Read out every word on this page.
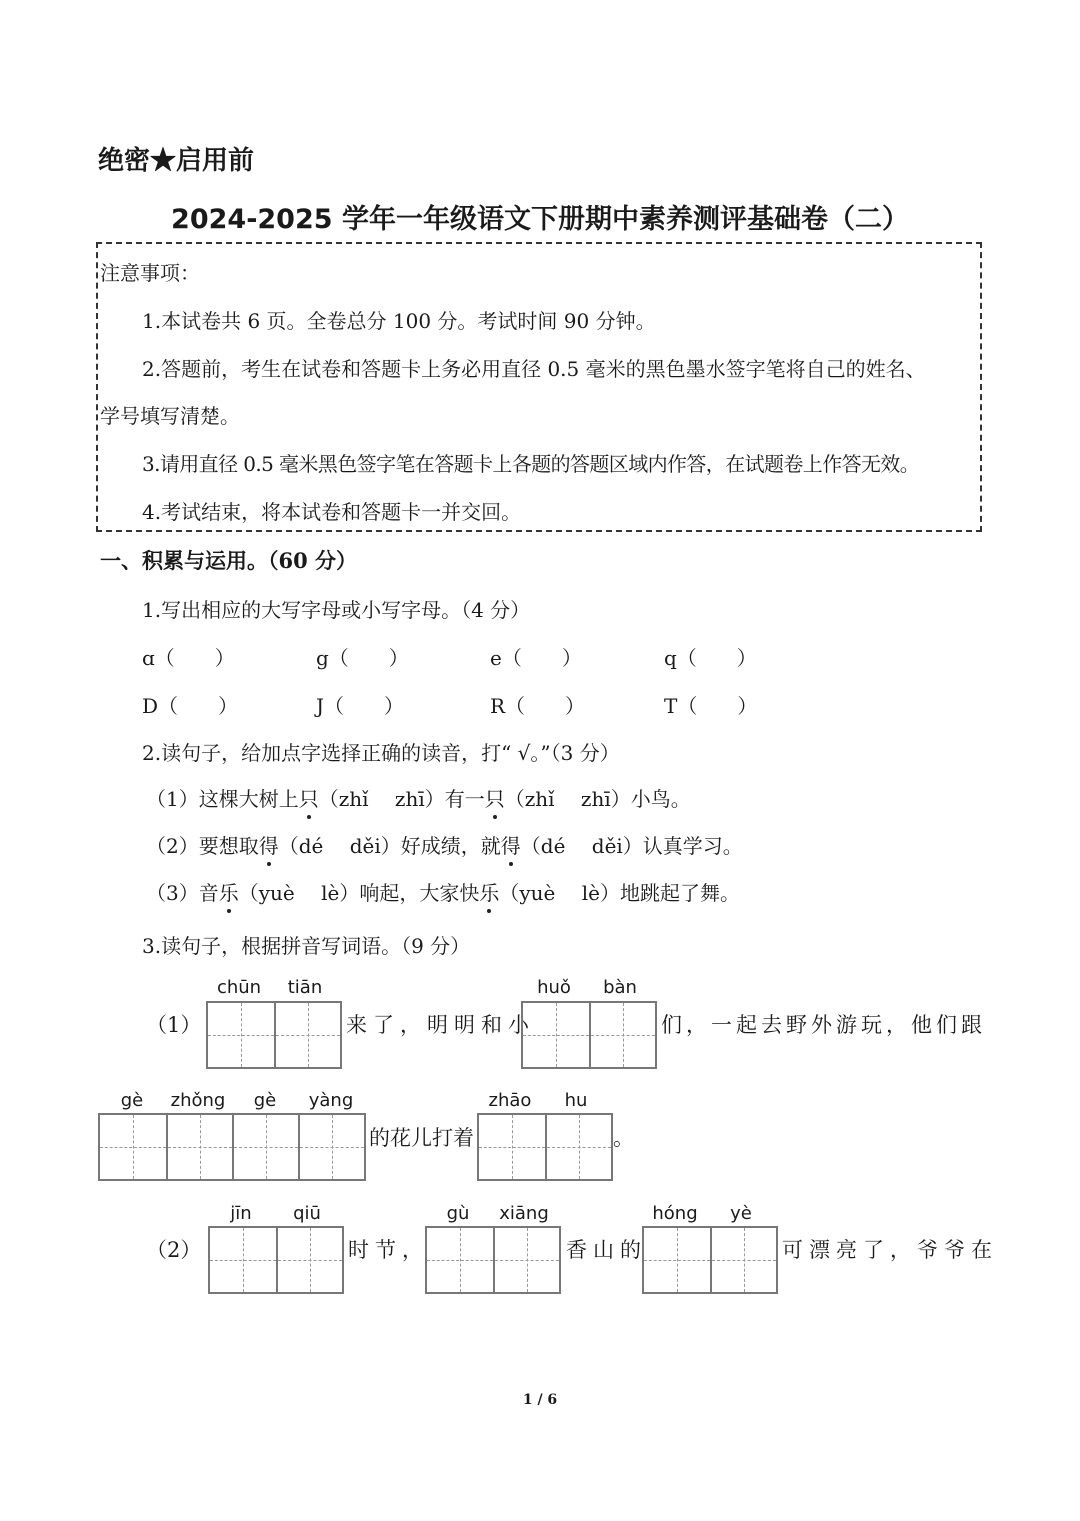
绝密★启用前
2024-2025 学年一年级语文下册期中素养测评基础卷（二）
注意事项：
1.本试卷共 6 页。全卷总分 100 分。考试时间 90 分钟。
2.答题前，考生在试卷和答题卡上务必用直径 0.5 毫米的黑色墨水签字笔将自己的姓名、
学号填写清楚。
3.请用直径 0.5 毫米黑色签字笔在答题卡上各题的答题区域内作答，在试题卷上作答无效。
4.考试结束，将本试卷和答题卡一并交回。
一、积累与运用。（60 分）
1.写出相应的大写字母或小写字母。（4 分）
ɑ（　　）	g（　　）	e（　　）	q（　　）
D（　　）	J（　　）	R（　　）	T（　　）
2.读句子，给加点字选择正确的读音，打“ √。”（3 分）
（1）这棵大树上只（zhǐ　 zhī）有一只（zhǐ　 zhī）小鸟。
（2）要想取得（dé　 děi）好成绩，就得（dé　 děi）认真学习。
（3）音乐（yuè　 lè）响起，大家快乐（yuè　 lè）地跳起了舞。
3.读句子，根据拼音写词语。（9 分）
（1）
chūn	tiān
来了，明明和小
huǒ	bàn
们，一起去野外游玩，他们跟
gè	zhǒng	gè	yàng
的花儿打着
zhāo	hu
。
（2）
jīn	qiū
时节，
gù	xiāng
香山的
hóng	yè
可漂亮了，爷爷在
1 / 6
